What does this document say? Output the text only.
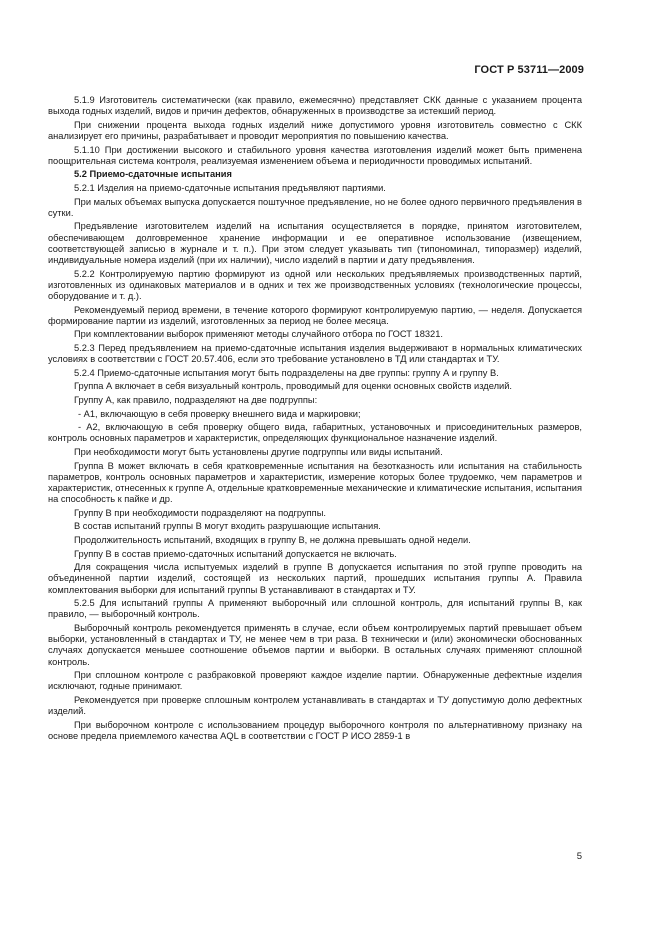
ГОСТ Р 53711—2009

5.1.9 Изготовитель систематически (как правило, ежемесячно) представляет СКК данные с указанием процента выхода годных изделий, видов и причин дефектов, обнаруженных в производстве за истекший период.

При снижении процента выхода годных изделий ниже допустимого уровня изготовитель совместно с СКК анализирует его причины, разрабатывает и проводит мероприятия по повышению качества.

5.1.10 При достижении высокого и стабильного уровня качества изготовления изделий может быть применена поощрительная система контроля, реализуемая изменением объема и периодичности проводимых испытаний.

5.2 Приемо-сдаточные испытания

5.2.1 Изделия на приемо-сдаточные испытания предъявляют партиями.

При малых объемах выпуска допускается поштучное предъявление, но не более одного первичного предъявления в сутки.

Предъявление изготовителем изделий на испытания осуществляется в порядке, принятом изготовителем, обеспечивающем долговременное хранение информации и ее оперативное использование (извещением, соответствующей записью в журнале и т. п.). При этом следует указывать тип (типономинал, типоразмер) изделий, индивидуальные номера изделий (при их наличии), число изделий в партии и дату предъявления.

5.2.2 Контролируемую партию формируют из одной или нескольких предъявляемых производственных партий, изготовленных из одинаковых материалов и в одних и тех же производственных условиях (технологические процессы, оборудование и т. д.).

Рекомендуемый период времени, в течение которого формируют контролируемую партию, — неделя. Допускается формирование партии из изделий, изготовленных за период не более месяца.

При комплектовании выборок применяют методы случайного отбора по ГОСТ 18321.

5.2.3 Перед предъявлением на приемо-сдаточные испытания изделия выдерживают в нормальных климатических условиях в соответствии с ГОСТ 20.57.406, если это требование установлено в ТД или стандартах и ТУ.

5.2.4 Приемо-сдаточные испытания могут быть подразделены на две группы: группу А и группу В.

Группа А включает в себя визуальный контроль, проводимый для оценки основных свойств изделий.

Группу А, как правило, подразделяют на две подгруппы:

- А1, включающую в себя проверку внешнего вида и маркировки;

- А2, включающую в себя проверку общего вида, габаритных, установочных и присоединительных размеров, контроль основных параметров и характеристик, определяющих функциональное назначение изделий.

При необходимости могут быть установлены другие подгруппы или виды испытаний.

Группа В может включать в себя кратковременные испытания на безотказность или испытания на стабильность параметров, контроль основных параметров и характеристик, измерение которых более трудоемко, чем параметров и характеристик, отнесенных к группе А, отдельные кратковременные механические и климатические испытания, испытания на способность к пайке и др.

Группу В при необходимости подразделяют на подгруппы.

В состав испытаний группы В могут входить разрушающие испытания.

Продолжительность испытаний, входящих в группу В, не должна превышать одной недели.

Группу В в состав приемо-сдаточных испытаний допускается не включать.

Для сокращения числа испытуемых изделий в группе В допускается испытания по этой группе проводить на объединенной партии изделий, состоящей из нескольких партий, прошедших испытания группы А. Правила комплектования выборки для испытаний группы В устанавливают в стандартах и ТУ.

5.2.5 Для испытаний группы А применяют выборочный или сплошной контроль, для испытаний группы В, как правило, — выборочный контроль.

Выборочный контроль рекомендуется применять в случае, если объем контролируемых партий превышает объем выборки, установленный в стандартах и ТУ, не менее чем в три раза. В технически и (или) экономически обоснованных случаях допускается меньшее соотношение объемов партии и выборки. В остальных случаях применяют сплошной контроль.

При сплошном контроле с разбраковкой проверяют каждое изделие партии. Обнаруженные дефектные изделия исключают, годные принимают.

Рекомендуется при проверке сплошным контролем устанавливать в стандартах и ТУ допустимую долю дефектных изделий.

При выборочном контроле с использованием процедур выборочного контроля по альтернативному признаку на основе предела приемлемого качества AQL в соответствии с ГОСТ Р ИСО 2859-1 в

5
